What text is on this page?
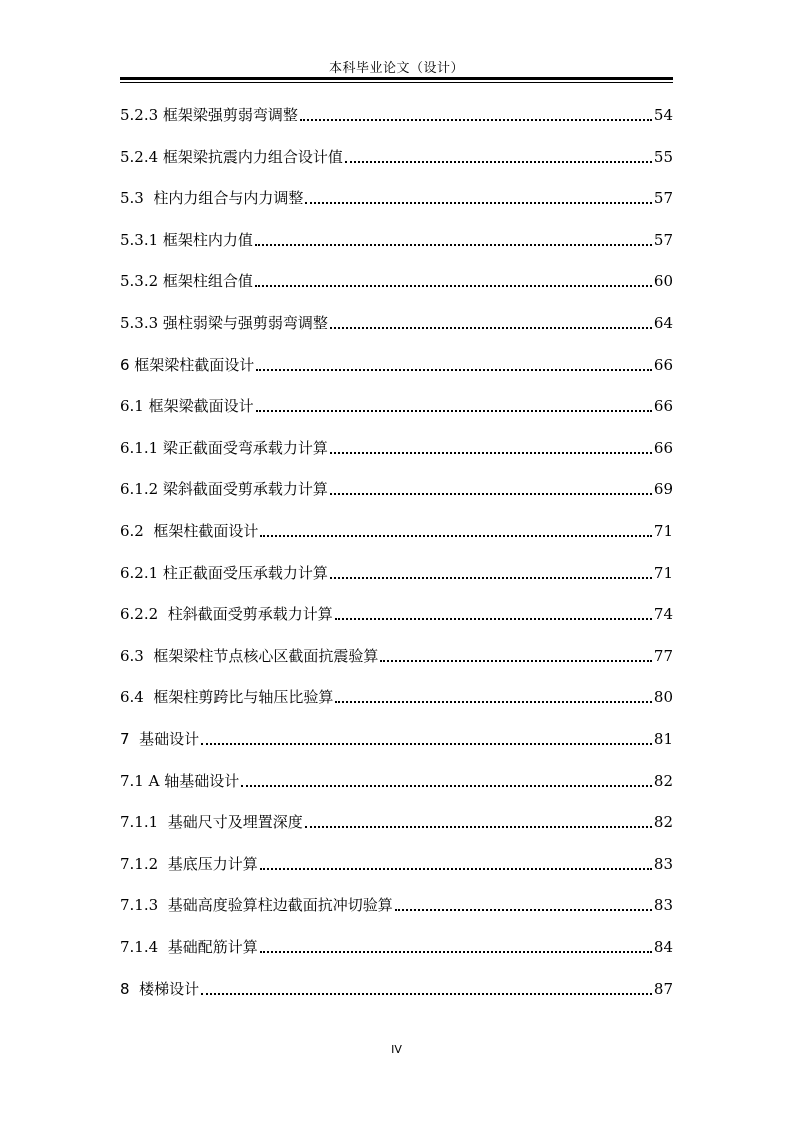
本科毕业论文（设计）
5.2.3 框架梁强剪弱弯调整	54
5.2.4 框架梁抗震内力组合设计值	55
5.3  柱内力组合与内力调整	57
5.3.1 框架柱内力值	57
5.3.2 框架柱组合值	60
5.3.3 强柱弱梁与强剪弱弯调整	64
6 框架梁柱截面设计	66
6.1 框架梁截面设计	66
6.1.1 梁正截面受弯承载力计算	66
6.1.2 梁斜截面受剪承载力计算	69
6.2  框架柱截面设计	71
6.2.1 柱正截面受压承载力计算	71
6.2.2  柱斜截面受剪承载力计算	74
6.3  框架梁柱节点核心区截面抗震验算	77
6.4  框架柱剪跨比与轴压比验算	80
7  基础设计	81
7.1 A 轴基础设计	82
7.1.1  基础尺寸及埋置深度	82
7.1.2  基底压力计算	83
7.1.3  基础高度验算柱边截面抗冲切验算	83
7.1.4  基础配筋计算	84
8  楼梯设计	87
IV
